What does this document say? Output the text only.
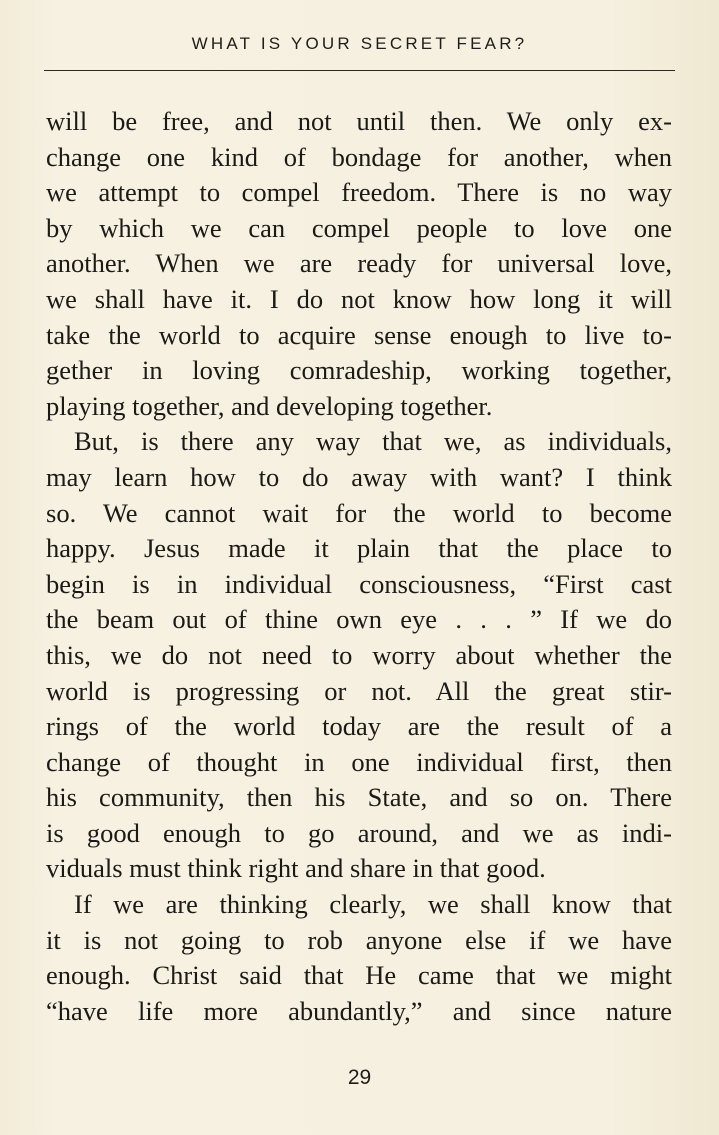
WHAT IS YOUR SECRET FEAR?
will be free, and not until then. We only ex-
change one kind of bondage for another, when
we attempt to compel freedom. There is no way
by which we can compel people to love one
another. When we are ready for universal love,
we shall have it. I do not know how long it will
take the world to acquire sense enough to live to-
gether in loving comradeship, working together,
playing together, and developing together.
But, is there any way that we, as individuals,
may learn how to do away with want? I think
so. We cannot wait for the world to become
happy. Jesus made it plain that the place to
begin is in individual consciousness, “First cast
the beam out of thine own eye . . . ” If we do
this, we do not need to worry about whether the
world is progressing or not. All the great stir-
rings of the world today are the result of a
change of thought in one individual first, then
his community, then his State, and so on. There
is good enough to go around, and we as indi-
viduals must think right and share in that good.
If we are thinking clearly, we shall know that
it is not going to rob anyone else if we have
enough. Christ said that He came that we might
“have life more abundantly,” and since nature
29
